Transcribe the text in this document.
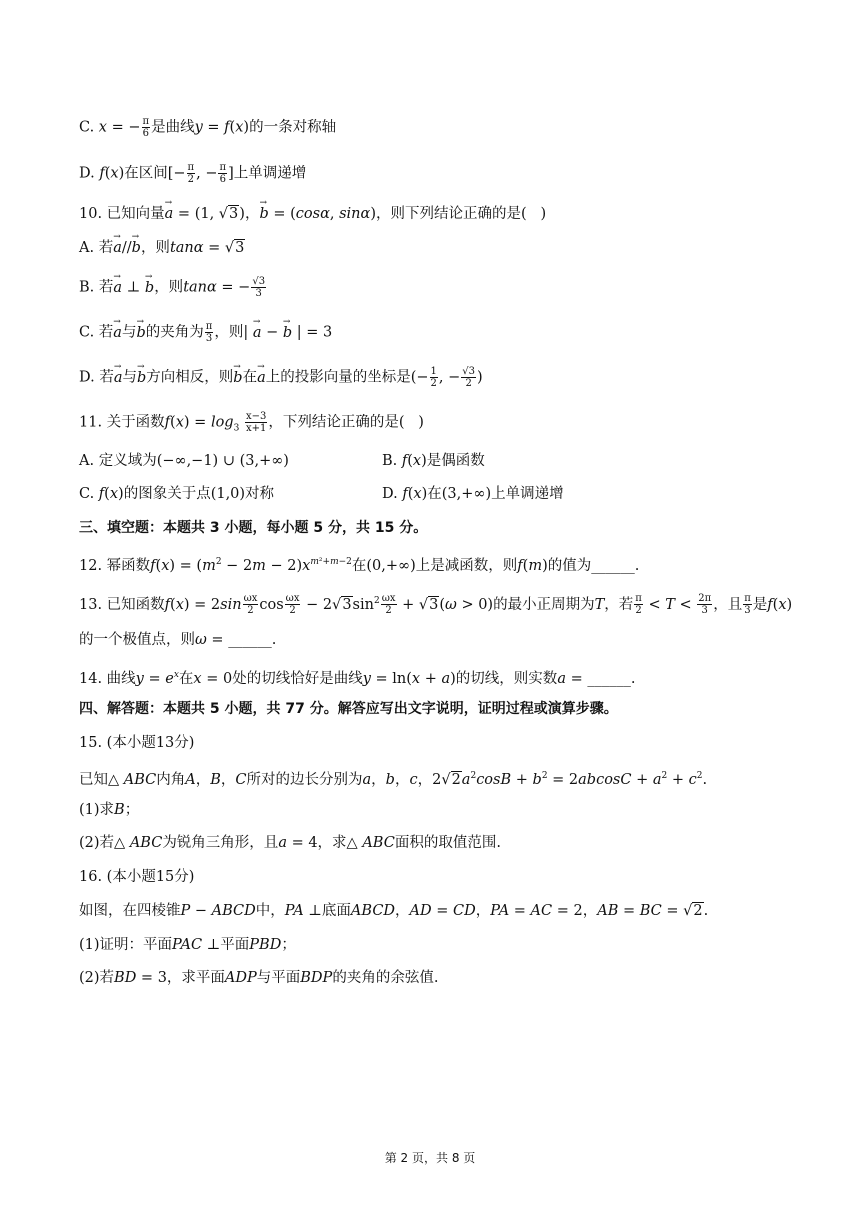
C. x = − $\frac{\pi}{6}$ 是曲线y = f(x)的一条对称轴
D. f(x)在区间[− $\frac{\pi}{2}$ , − $\frac{\pi}{6}$ ]上单调递增
10. 已知向量→ a = (1, √3)，→ b = (cosα, sinα)，则下列结论正确的是(   )
A. 若→ a//→ b，则tanα = √3
B. 若→ a ⊥ → b，则tanα = − $\frac{√3}{3}$
C. 若→ a与→ b的夹角为 $\frac{\pi}{3}$ ，则| → a − → b | = 3
D. 若→ a与→ b方向相反，则→ b在→ a上的投影向量的坐标是(− $\frac{1}{2}$ , − $\frac{√3}{2}$ )
11. 关于函数$f(x) = \log_3 \frac{x-3}{x+1}$ ，下列结论正确的是(   )
A. 定义域为(−∞,−1) ∪ (3,+∞)	B. f(x)是偶函数
C. f(x)的图象关于点(1,0)对称	D. f(x)在(3,+∞)上单调递增
三、填空题：本题共 3 小题，每小题 5 分，共 15 分。
12. 幂函数$f(x) = (m^2 - 2m - 2)x^{m^2+m-2}$在(0,+∞)上是减函数，则f(m)的值为______.
13. 已知函数$f(x) = 2\sin \frac{\omega x}{2}$ $\cos \frac{\omega x}{2} - 2√3\sin^2 \frac{\omega x}{2} + √3(\omega > 0)$的最小正周期为T，若 $\frac{\pi}{2} < T < \frac{2\pi}{3}$ ，且 $\frac{\pi}{3}$ 是f(x)
的一个极值点，则ω = ______.
14. 曲线$y = e^x$在x = 0处的切线恰好是曲线y = ln(x + a)的切线，则实数a = ______.
四、解答题：本题共 5 小题，共 77 分。解答应写出文字说明，证明过程或演算步骤。
15. (本小题13分)
已知△ ABC内角A，B，C所对的边长分别为a，b，c，$2√2a^2\cos B + b^2 = 2abcosC + a^2 + c^2$.
(1)求B；
(2)若△ ABC为锐角三角形，且a = 4，求△ ABC面积的取值范围.
16. (本小题15分)
如图，在四棱锥P − ABCD中，PA ⊥底面ABCD，AD = CD，PA = AC = 2，AB = BC = √2.
(1)证明：平面PAC ⊥平面PBD；
(2)若BD = 3，求平面ADP与平面BDP的夹角的余弦值.
第 2 页，共 8 页
